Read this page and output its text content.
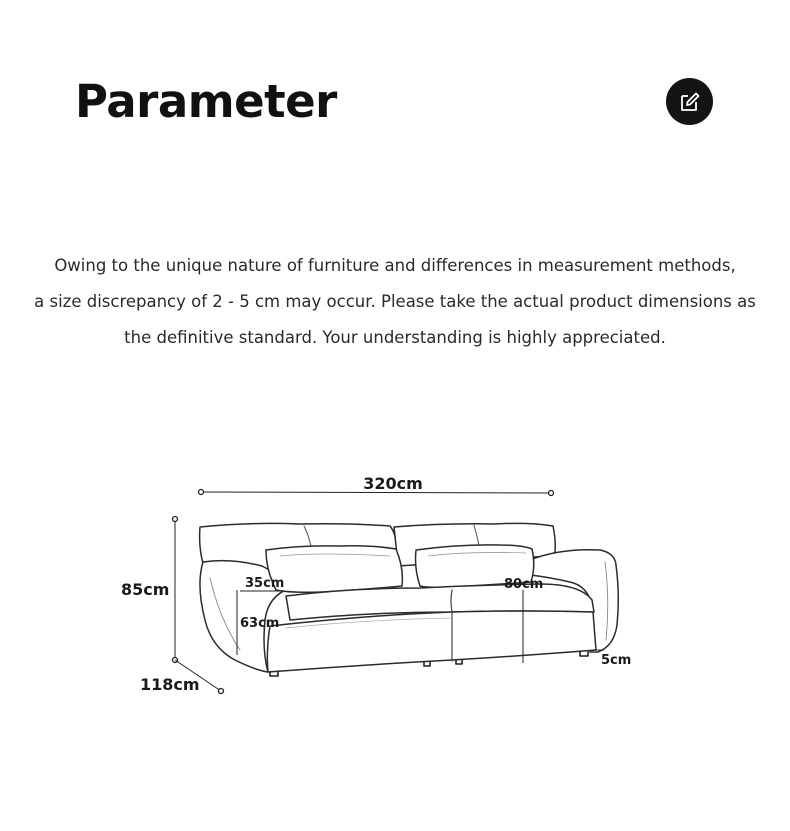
Parameter

Owing to the unique nature of furniture and differences in measurement methods,

a size discrepancy of 2 - 5 cm may occur. Please take the actual product dimensions as

the definitive standard. Your understanding is highly appreciated.

320cm
85cm
118cm
35cm
63cm
80cm
5cm
